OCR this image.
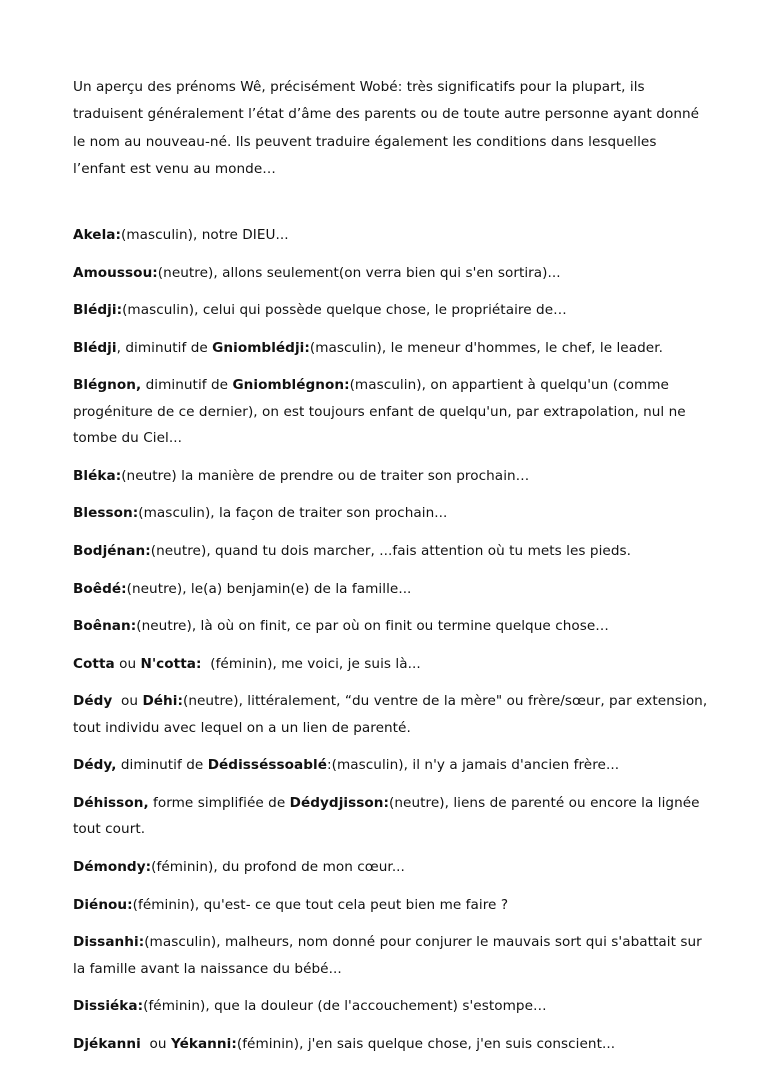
Un aperçu des prénoms Wê, précisément Wobé: très significatifs pour la plupart, ils traduisent généralement l’état d’âme des parents ou de toute autre personne ayant donné le nom au nouveau-né. Ils peuvent traduire également les conditions dans lesquelles l’enfant est venu au monde…

Akela:(masculin), notre DIEU...

Amoussou:(neutre), allons seulement(on verra bien qui s'en sortira)...

Blédji:(masculin), celui qui possède quelque chose, le propriétaire de…

Blédji, diminutif de Gniomblédji:(masculin), le meneur d'hommes, le chef, le leader.

Blégnon, diminutif de Gniomblégnon:(masculin), on appartient à quelqu'un (comme progéniture de ce dernier), on est toujours enfant de quelqu'un, par extrapolation, nul ne tombe du Ciel...

Bléka:(neutre) la manière de prendre ou de traiter son prochain…

Blesson:(masculin), la façon de traiter son prochain...

Bodjénan:(neutre), quand tu dois marcher, ...fais attention où tu mets les pieds.

Boêdé:(neutre), le(a) benjamin(e) de la famille...

Boênan:(neutre), là où on finit, ce par où on finit ou termine quelque chose…

Cotta ou N'cotta:  (féminin), me voici, je suis là...

Dédy  ou Déhi:(neutre), littéralement, “du ventre de la mère" ou frère/sœur, par extension, tout individu avec lequel on a un lien de parenté.

Dédy, diminutif de Dédisséssoablé:(masculin), il n'y a jamais d'ancien frère...

Déhisson, forme simplifiée de Dédydjisson:(neutre), liens de parenté ou encore la lignée tout court.

Démondy:(féminin), du profond de mon cœur...

Diénou:(féminin), qu'est- ce que tout cela peut bien me faire ?

Dissanhi:(masculin), malheurs, nom donné pour conjurer le mauvais sort qui s'abattait sur la famille avant la naissance du bébé...

Dissiéka:(féminin), que la douleur (de l'accouchement) s'estompe…

Djékanni  ou Yékanni:(féminin), j'en sais quelque chose, j'en suis conscient...
